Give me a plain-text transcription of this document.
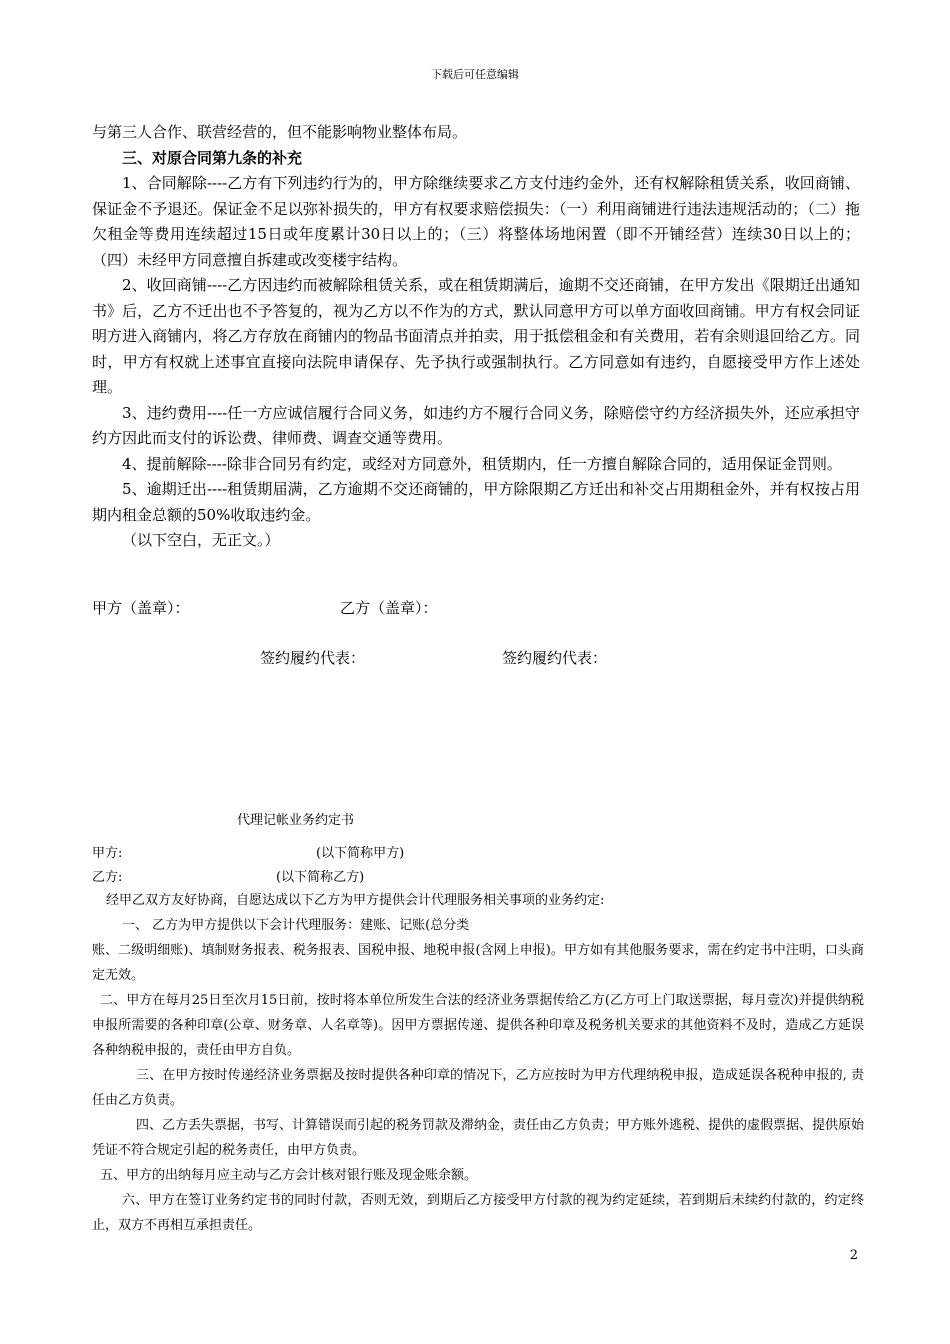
下载后可任意编辑

与第三人合作、联营经营的，但不能影响物业整体布局。

三、对原合同第九条的补充

1、合同解除----乙方有下列违约行为的，甲方除继续要求乙方支付违约金外，还有权解除租赁关系，收回商铺、保证金不予退还。保证金不足以弥补损失的，甲方有权要求赔偿损失：（一）利用商铺进行违法违规活动的；（二）拖欠租金等费用连续超过15日或年度累计30日以上的；（三）将整体场地闲置（即不开铺经营）连续30日以上的；（四）未经甲方同意擅自拆建或改变楼宇结构。

2、收回商铺----乙方因违约而被解除租赁关系，或在租赁期满后，逾期不交还商铺，在甲方发出《限期迁出通知书》后，乙方不迁出也不予答复的，视为乙方以不作为的方式，默认同意甲方可以单方面收回商铺。甲方有权会同证明方进入商铺内，将乙方存放在商铺内的物品书面清点并拍卖，用于抵偿租金和有关费用，若有余则退回给乙方。同时，甲方有权就上述事宜直接向法院申请保存、先予执行或强制执行。乙方同意如有违约，自愿接受甲方作上述处理。

3、违约费用----任一方应诚信履行合同义务，如违约方不履行合同义务，除赔偿守约方经济损失外，还应承担守约方因此而支付的诉讼费、律师费、调查交通等费用。

4、提前解除----除非合同另有约定，或经对方同意外，租赁期内，任一方擅自解除合同的，适用保证金罚则。

5、逾期迁出----租赁期届满，乙方逾期不交还商铺的，甲方除限期乙方迁出和补交占用期租金外，并有权按占用期内租金总额的50%收取违约金。

（以下空白，无正文。）

甲方（盖章）：	乙方（盖章）：
签约履约代表：	签约履约代表：
代理记帐业务约定书
甲方:	(以下简称甲方)
乙方:	(以下简称乙方)

经甲乙双方友好协商，自愿达成以下乙方为甲方提供会计代理服务相关事项的业务约定:

一、 乙方为甲方提供以下会计代理服务：建账、记账(总分类

账、二级明细账)、填制财务报表、税务报表、国税申报、地税申报(含网上申报)。甲方如有其他服务要求，需在约定书中注明，口头商定无效。

二、甲方在每月25日至次月15日前，按时将本单位所发生合法的经济业务票据传给乙方(乙方可上门取送票据，每月壹次)并提供纳税申报所需要的各种印章(公章、财务章、人名章等)。因甲方票据传递、提供各种印章及税务机关要求的其他资料不及时，造成乙方延误各种纳税申报的，责任由甲方自负。

三、在甲方按时传递经济业务票据及按时提供各种印章的情况下，乙方应按时为甲方代理纳税申报，造成延误各税种申报的, 责任由乙方负责。

四、乙方丢失票据，书写、计算错误而引起的税务罚款及滞纳金，责任由乙方负责；甲方账外逃税、提供的虚假票据、提供原始凭证不符合规定引起的税务责任，由甲方负责。

五、甲方的出纳每月应主动与乙方会计核对银行账及现金账余额。

六、甲方在签订业务约定书的同时付款，否则无效，到期后乙方接受甲方付款的视为约定延续，若到期后未续约付款的，约定终止，双方不再相互承担责任。

2
